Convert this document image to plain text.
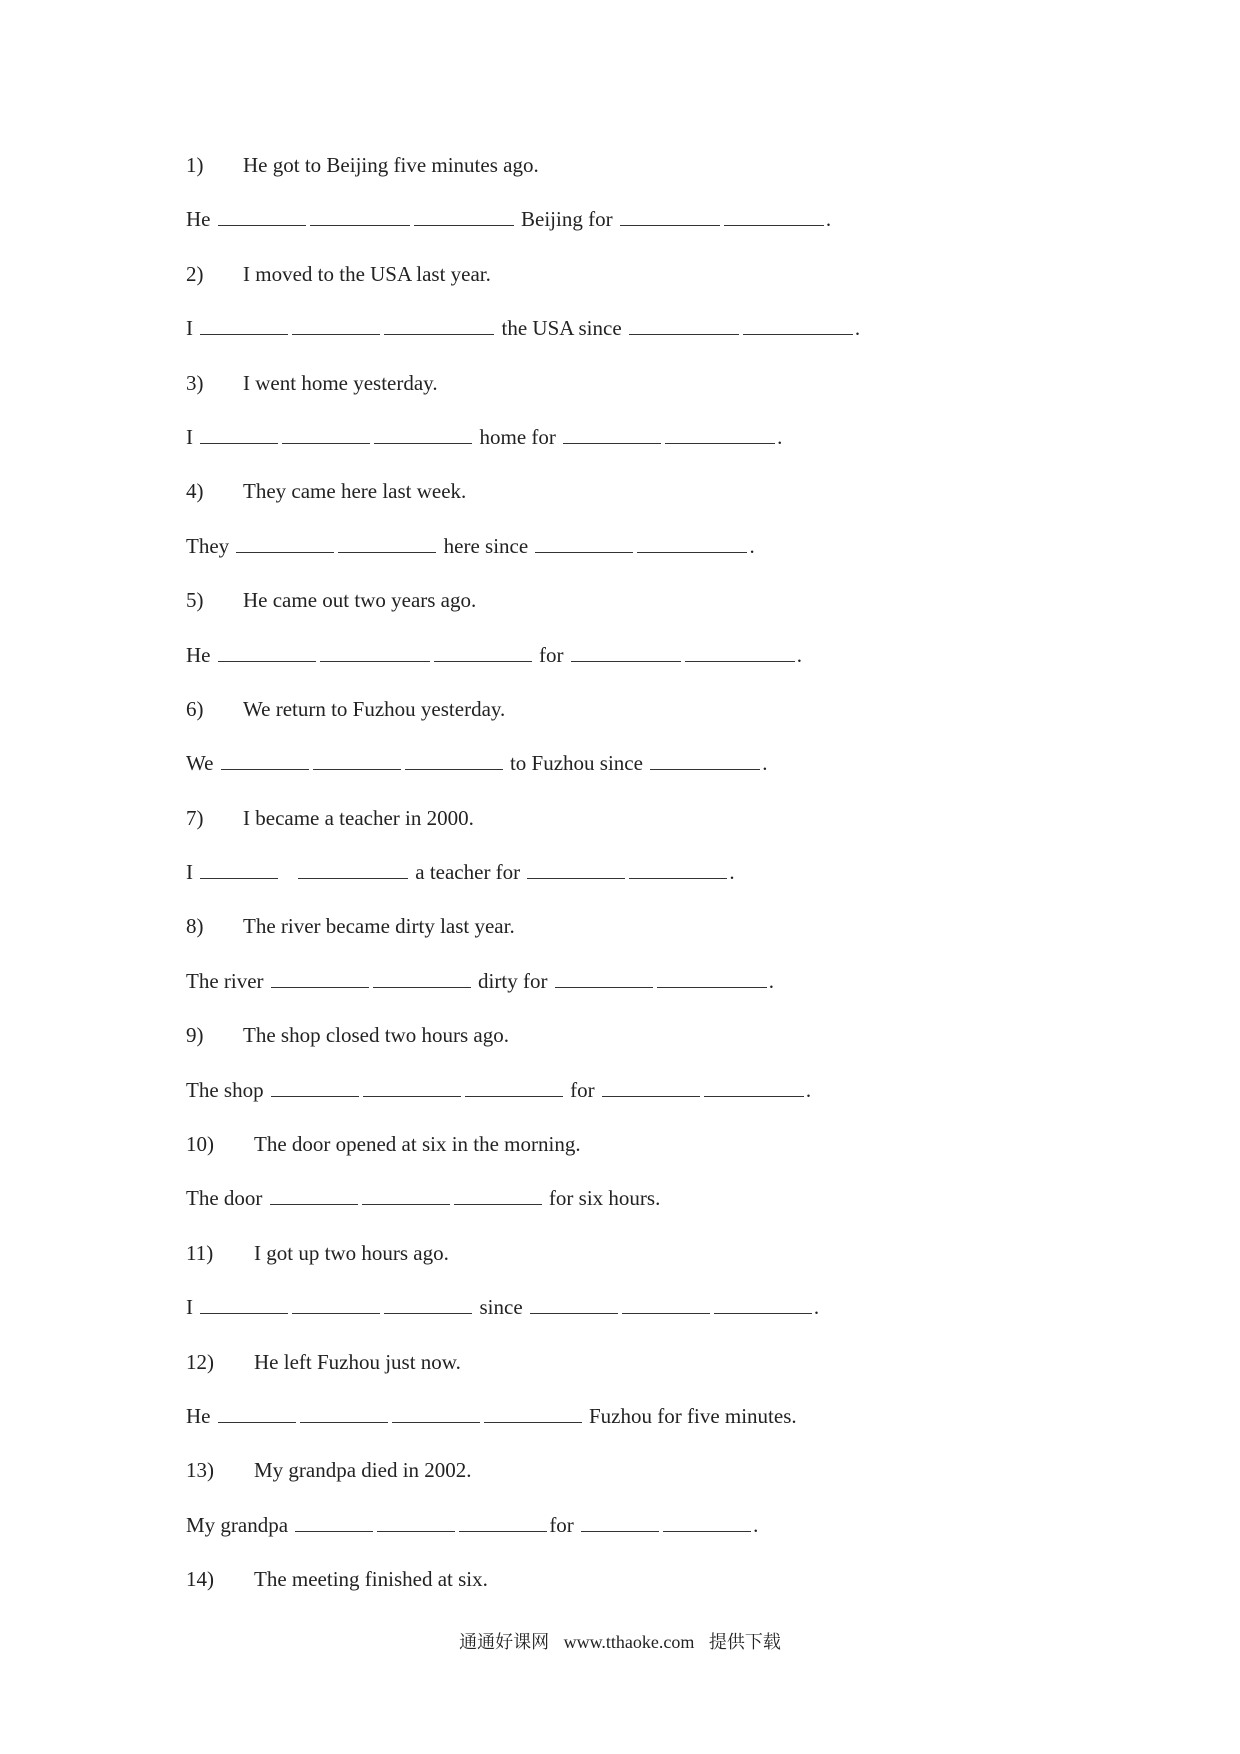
1) He got to Beijing five minutes ago.
He	Beijing for	.
2) I moved to the USA last year.
I	the USA since	.
3) I went home yesterday.
I	home for	.
4) They came here last week.
They	here since	.
5) He came out two years ago.
He	for	.
6) We return to Fuzhou yesterday.
We	to Fuzhou since	.
7) I became a teacher in 2000.
I	a teacher for	.
8) The river became dirty last year.
The river	dirty for	.
9) The shop closed two hours ago.
The shop	for	.
10) The door opened at six in the morning.
The door	for six hours.
11) I got up two hours ago.
I	since	.
12) He left Fuzhou just now.
He	Fuzhou for five minutes.
13) My grandpa died in 2002.
My grandpa	for	.
14) The meeting finished at six.
通通好课网 www.tthaoke.com 提供下载
